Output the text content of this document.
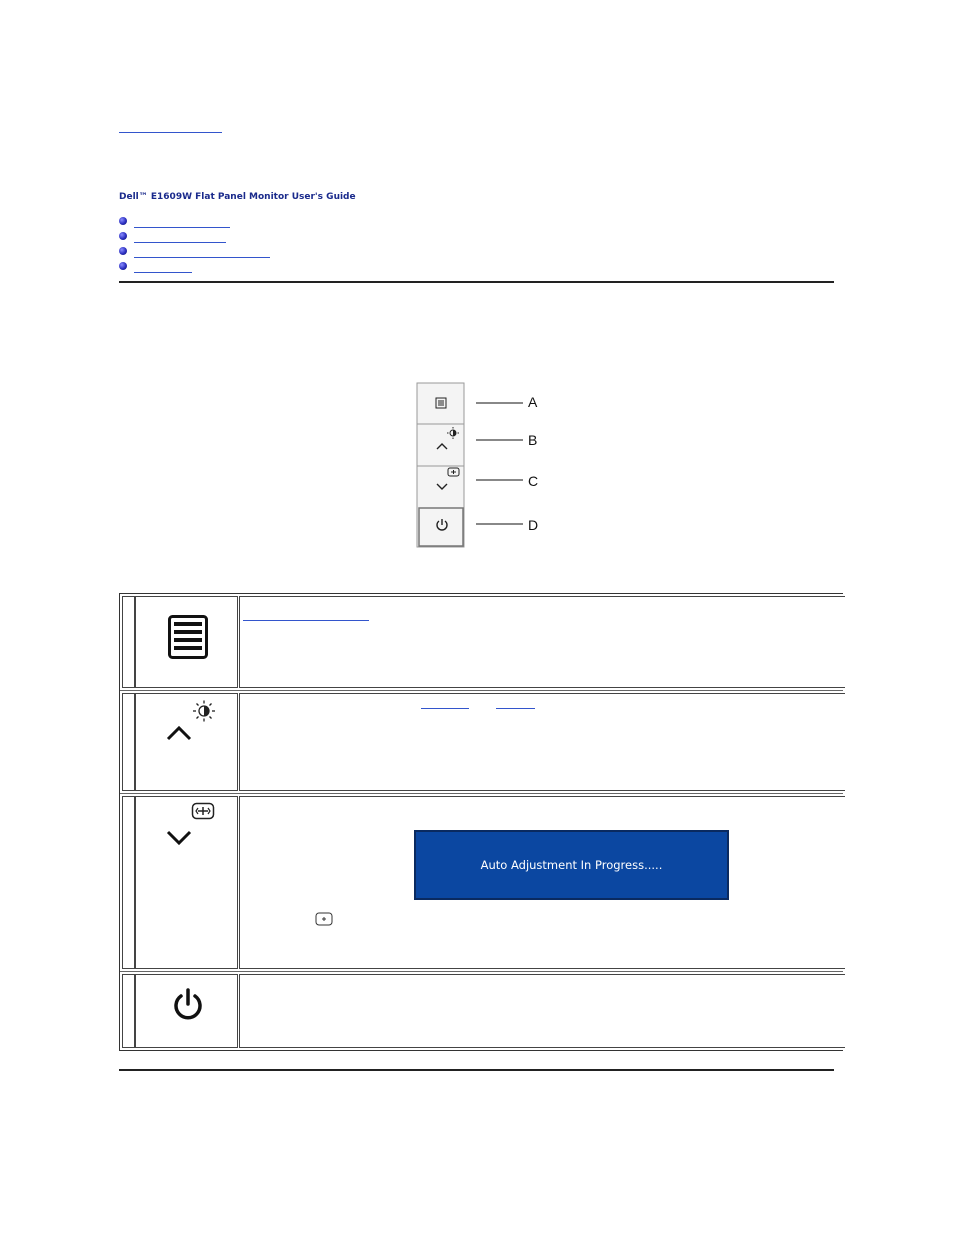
Dell™ E1609W Flat Panel Monitor User's Guide
A
B
C
D
Auto Adjustment In Progress.....
